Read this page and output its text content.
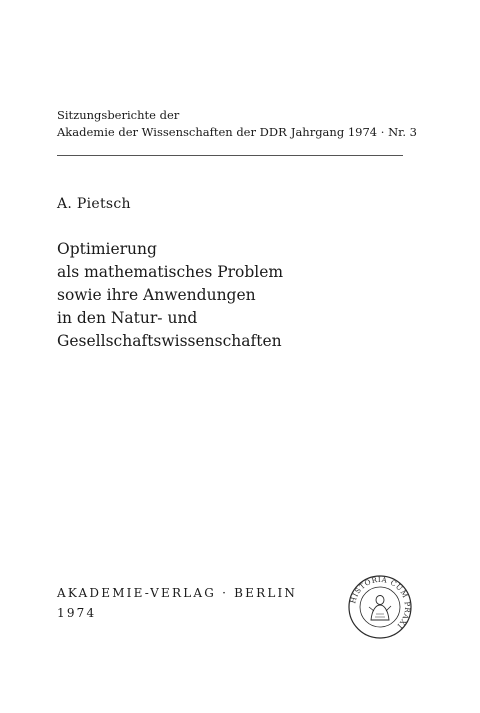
Sitzungsberichte der
Akademie der Wissenschaften der DDR Jahrgang 1974 · Nr. 3
A. Pietsch
Optimierung
als mathematisches Problem
sowie ihre Anwendungen
in den Natur- und
Gesellschaftswissenschaften
AKADEMIE-VERLAG · BERLIN
1974
HISTORIA CUM PRAXI
